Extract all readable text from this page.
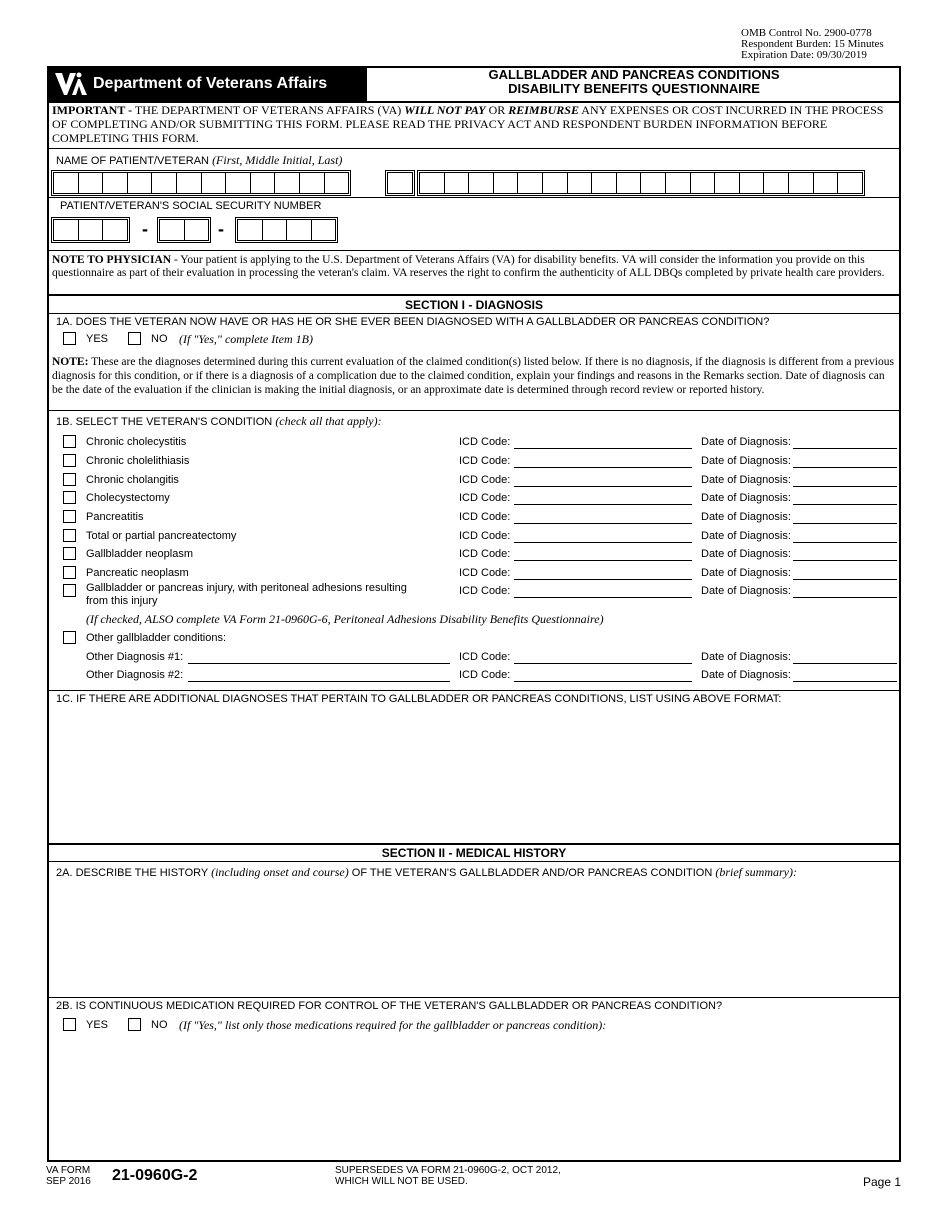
OMB Control No. 2900-0778
Respondent Burden: 15 Minutes
Expiration Date: 09/30/2019
Department of Veterans Affairs
GALLBLADDER AND PANCREAS CONDITIONS
DISABILITY BENEFITS QUESTIONNAIRE
IMPORTANT - THE DEPARTMENT OF VETERANS AFFAIRS (VA) WILL NOT PAY OR REIMBURSE ANY EXPENSES OR COST INCURRED IN THE PROCESS OF COMPLETING AND/OR SUBMITTING THIS FORM. PLEASE READ THE PRIVACY ACT AND RESPONDENT BURDEN INFORMATION BEFORE COMPLETING THIS FORM.
NAME OF PATIENT/VETERAN (First, Middle Initial, Last)
PATIENT/VETERAN'S SOCIAL SECURITY NUMBER
-	-
NOTE TO PHYSICIAN - Your patient is applying to the U.S. Department of Veterans Affairs (VA) for disability benefits. VA will consider the information you provide on this questionnaire as part of their evaluation in processing the veteran's claim. VA reserves the right to confirm the authenticity of ALL DBQs completed by private health care providers.
SECTION I - DIAGNOSIS
1A. DOES THE VETERAN NOW HAVE OR HAS HE OR SHE EVER BEEN DIAGNOSED WITH A GALLBLADDER OR PANCREAS CONDITION?
YES	NO (If "Yes," complete Item 1B)
NOTE: These are the diagnoses determined during this current evaluation of the claimed condition(s) listed below. If there is no diagnosis, if the diagnosis is different from a previous diagnosis for this condition, or if there is a diagnosis of a complication due to the claimed condition, explain your findings and reasons in the Remarks section. Date of diagnosis can be the date of the evaluation if the clinician is making the initial diagnosis, or an approximate date is determined through record review or reported history.
1B. SELECT THE VETERAN'S CONDITION (check all that apply):
Chronic cholecystitis	ICD Code:	Date of Diagnosis:
Chronic cholelithiasis	ICD Code:	Date of Diagnosis:
Chronic cholangitis	ICD Code:	Date of Diagnosis:
Cholecystectomy	ICD Code:	Date of Diagnosis:
Pancreatitis	ICD Code:	Date of Diagnosis:
Total or partial pancreatectomy	ICD Code:	Date of Diagnosis:
Gallbladder neoplasm	ICD Code:	Date of Diagnosis:
Pancreatic neoplasm	ICD Code:	Date of Diagnosis:
Gallbladder or pancreas injury, with peritoneal adhesions resulting
from this injury
ICD Code:	Date of Diagnosis:
(If checked, ALSO complete VA Form 21-0960G-6, Peritoneal Adhesions Disability Benefits Questionnaire)
Other gallbladder conditions:
Other Diagnosis #1:	ICD Code:	Date of Diagnosis:
Other Diagnosis #2:	ICD Code:	Date of Diagnosis:
1C. IF THERE ARE ADDITIONAL DIAGNOSES THAT PERTAIN TO GALLBLADDER OR PANCREAS CONDITIONS, LIST USING ABOVE FORMAT:
SECTION II - MEDICAL HISTORY
2A. DESCRIBE THE HISTORY (including onset and course) OF THE VETERAN'S GALLBLADDER AND/OR PANCREAS CONDITION (brief summary):
2B. IS CONTINUOUS MEDICATION REQUIRED FOR CONTROL OF THE VETERAN'S GALLBLADDER OR PANCREAS CONDITION?
YES	NO (If "Yes," list only those medications required for the gallbladder or pancreas condition):
VA FORM
SEP 2016 21-0960G-2	SUPERSEDES VA FORM 21-0960G-2, OCT 2012,
WHICH WILL NOT BE USED.	Page 1
